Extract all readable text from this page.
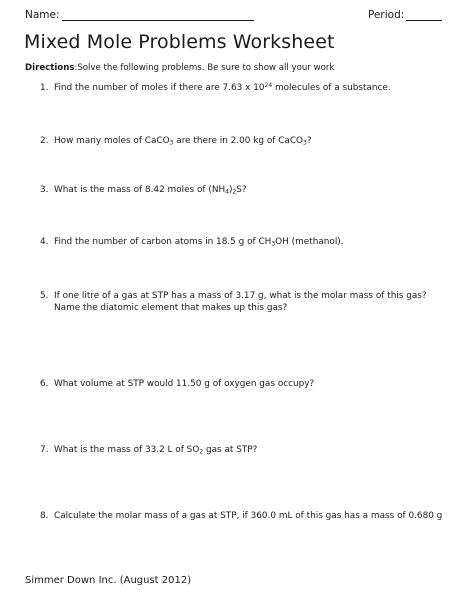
Name:	Period:
Mixed Mole Problems Worksheet
Directions:Solve the following problems. Be sure to show all your work
1. Find the number of moles if there are 7.63 x $10^{24}$ molecules of a substance.
2. How many moles of CaCO$_3$ are there in 2.00 kg of CaCO$_3$?
3. What is the mass of 8.42 moles of $(NH_4)_2S$?
4. Find the number of carbon atoms in 18.5 g of $CH_3OH$ (methanol).
5. If one litre of a gas at STP has a mass of 3.17 g, what is the molar mass of this gas?
Name the diatomic element that makes up this gas?
6. What volume at STP would 11.50 g of oxygen gas occupy?
7. What is the mass of 33.2 L of $SO_2$ gas at STP?
8. Calculate the molar mass of a gas at STP, if 360.0 mL of this gas has a mass of 0.680 g
Simmer Down Inc. (August 2012)
